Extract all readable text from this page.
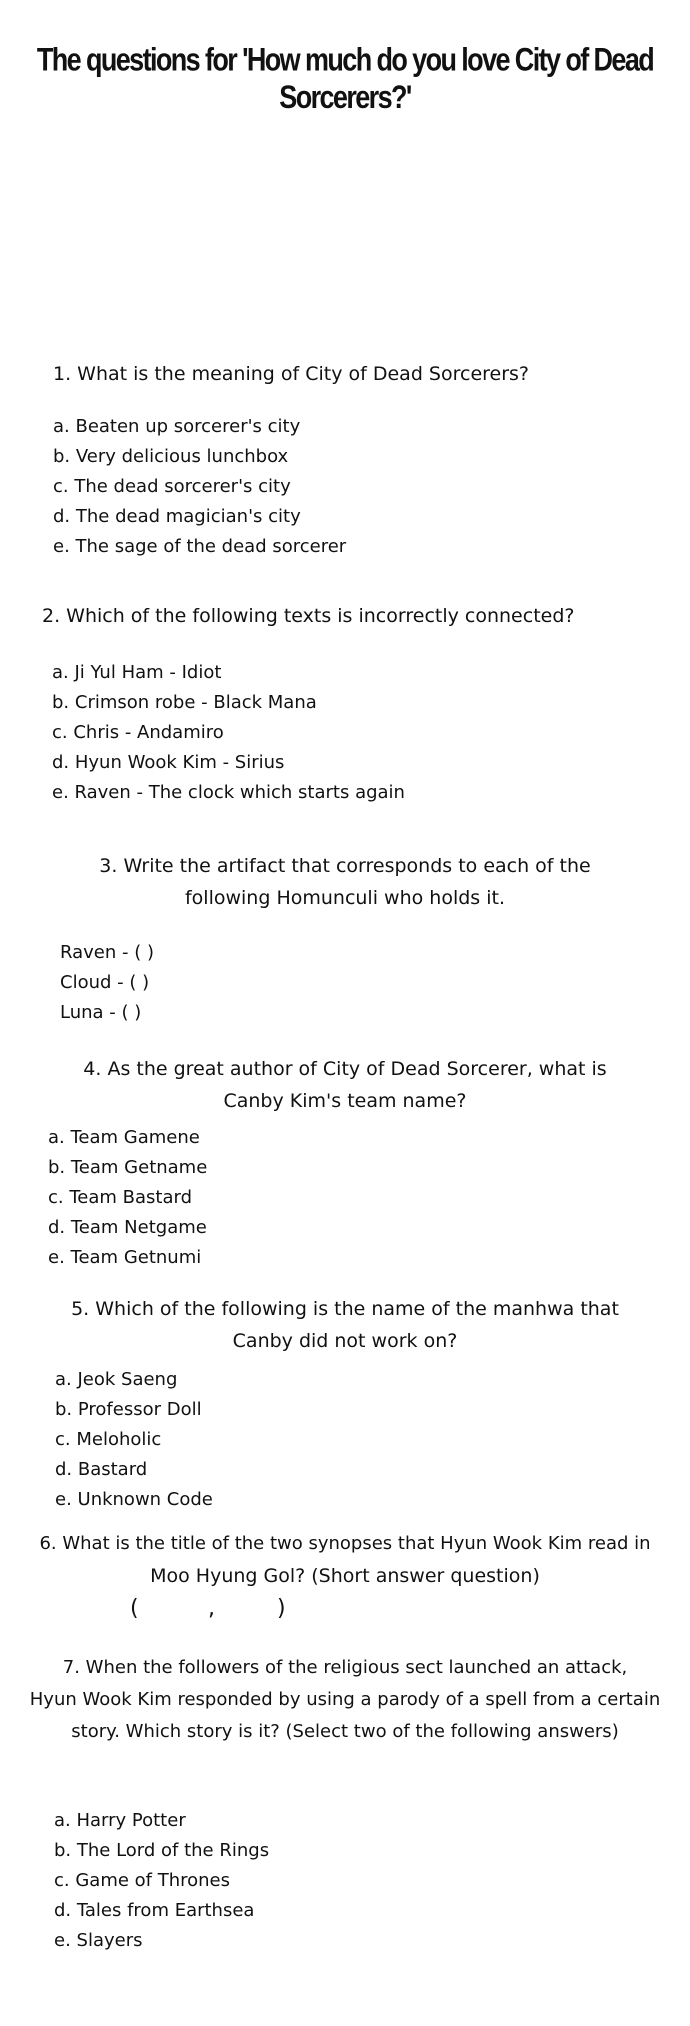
The questions for 'How much do you love City of Dead Sorcerers?'

1. What is the meaning of City of Dead Sorcerers?

a. Beaten up sorcerer's city
b. Very delicious lunchbox
c. The dead sorcerer's city
d. The dead magician's city
e. The sage of the dead sorcerer

2. Which of the following texts is incorrectly connected?

a. Ji Yul Ham - Idiot
b. Crimson robe - Black Mana
c. Chris - Andamiro
d. Hyun Wook Kim - Sirius
e. Raven - The clock which starts again

3. Write the artifact that corresponds to each of the

following Homunculi who holds it.

Raven - ( )
Cloud - ( )
Luna - ( )

4. As the great author of City of Dead Sorcerer, what is

Canby Kim's team name?

a. Team Gamene
b. Team Getname
c. Team Bastard
d. Team Netgame
e. Team Getnumi

5. Which of the following is the name of the manhwa that

Canby did not work on?

a. Jeok Saeng
b. Professor Doll
c. Meloholic
d. Bastard
e. Unknown Code

6. What is the title of the two synopses that Hyun Wook Kim read in

Moo Hyung Gol? (Short answer question)

(	,	)

7. When the followers of the religious sect launched an attack,

Hyun Wook Kim responded by using a parody of a spell from a certain

story. Which story is it? (Select two of the following answers)

a. Harry Potter
b. The Lord of the Rings
c. Game of Thrones
d. Tales from Earthsea
e. Slayers
